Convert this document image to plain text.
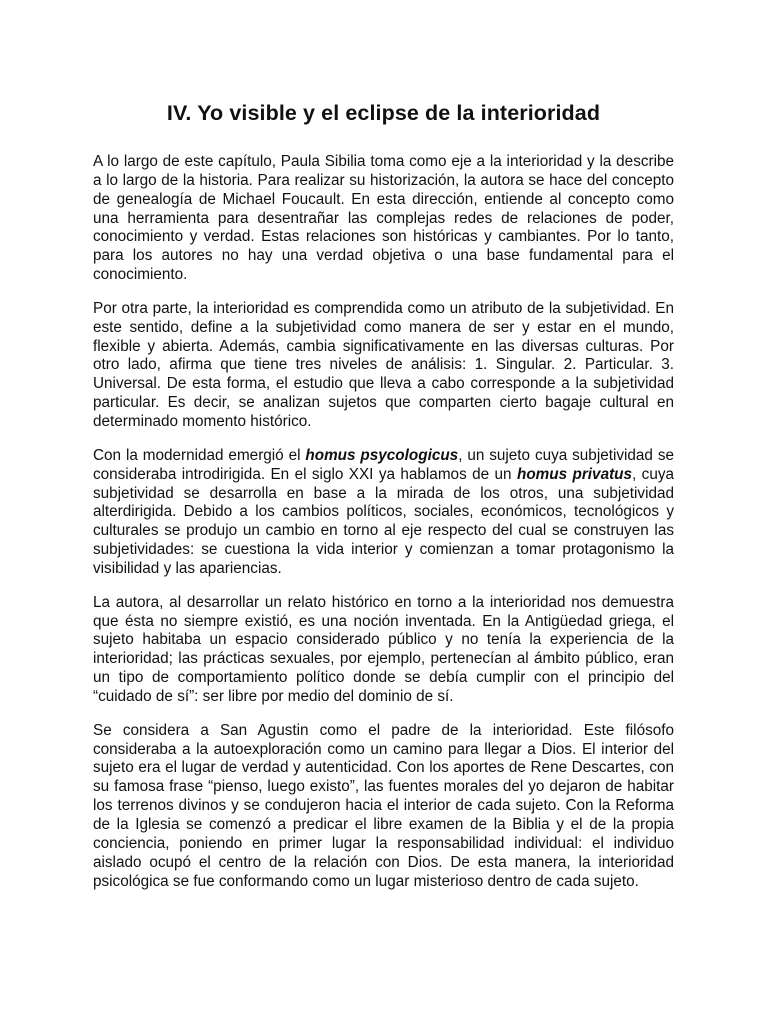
IV. Yo visible y el eclipse de la interioridad

A lo largo de este capítulo, Paula Sibilia toma como eje a la interioridad y la describe a lo largo de la historia. Para realizar su historización, la autora se hace del concepto de genealogía de Michael Foucault. En esta dirección, entiende al concepto como una herramienta para desentrañar las complejas redes de relaciones de poder, conocimiento y verdad. Estas relaciones son históricas y cambiantes. Por lo tanto, para los autores no hay una verdad objetiva o una base fundamental para el conocimiento.

Por otra parte, la interioridad es comprendida como un atributo de la subjetividad. En este sentido, define a la subjetividad como manera de ser y estar en el mundo, flexible y abierta. Además, cambia significativamente en las diversas culturas. Por otro lado, afirma que tiene tres niveles de análisis: 1. Singular. 2. Particular. 3. Universal. De esta forma, el estudio que lleva a cabo corresponde a la subjetividad particular. Es decir, se analizan sujetos que comparten cierto bagaje cultural en determinado momento histórico.

Con la modernidad emergió el homus psycologicus, un sujeto cuya subjetividad se consideraba introdirigida. En el siglo XXI ya hablamos de un homus privatus, cuya subjetividad se desarrolla en base a la mirada de los otros, una subjetividad alterdirigida. Debido a los cambios políticos, sociales, económicos, tecnológicos y culturales se produjo un cambio en torno al eje respecto del cual se construyen las subjetividades: se cuestiona la vida interior y comienzan a tomar protagonismo la visibilidad y las apariencias.

La autora, al desarrollar un relato histórico en torno a la interioridad nos demuestra que ésta no siempre existió, es una noción inventada. En la Antigüedad griega, el sujeto habitaba un espacio considerado público y no tenía la experiencia de la interioridad; las prácticas sexuales, por ejemplo, pertenecían al ámbito público, eran un tipo de comportamiento político donde se debía cumplir con el principio del “cuidado de sí”: ser libre por medio del dominio de sí.

Se considera a San Agustin como el padre de la interioridad. Este filósofo consideraba a la autoexploración como un camino para llegar a Dios. El interior del sujeto era el lugar de verdad y autenticidad. Con los aportes de Rene Descartes, con su famosa frase “pienso, luego existo”, las fuentes morales del yo dejaron de habitar los terrenos divinos y se condujeron hacia el interior de cada sujeto. Con la Reforma de la Iglesia se comenzó a predicar el libre examen de la Biblia y el de la propia conciencia, poniendo en primer lugar la responsabilidad individual: el individuo aislado ocupó el centro de la relación con Dios. De esta manera, la interioridad psicológica se fue conformando como un lugar misterioso dentro de cada sujeto.
